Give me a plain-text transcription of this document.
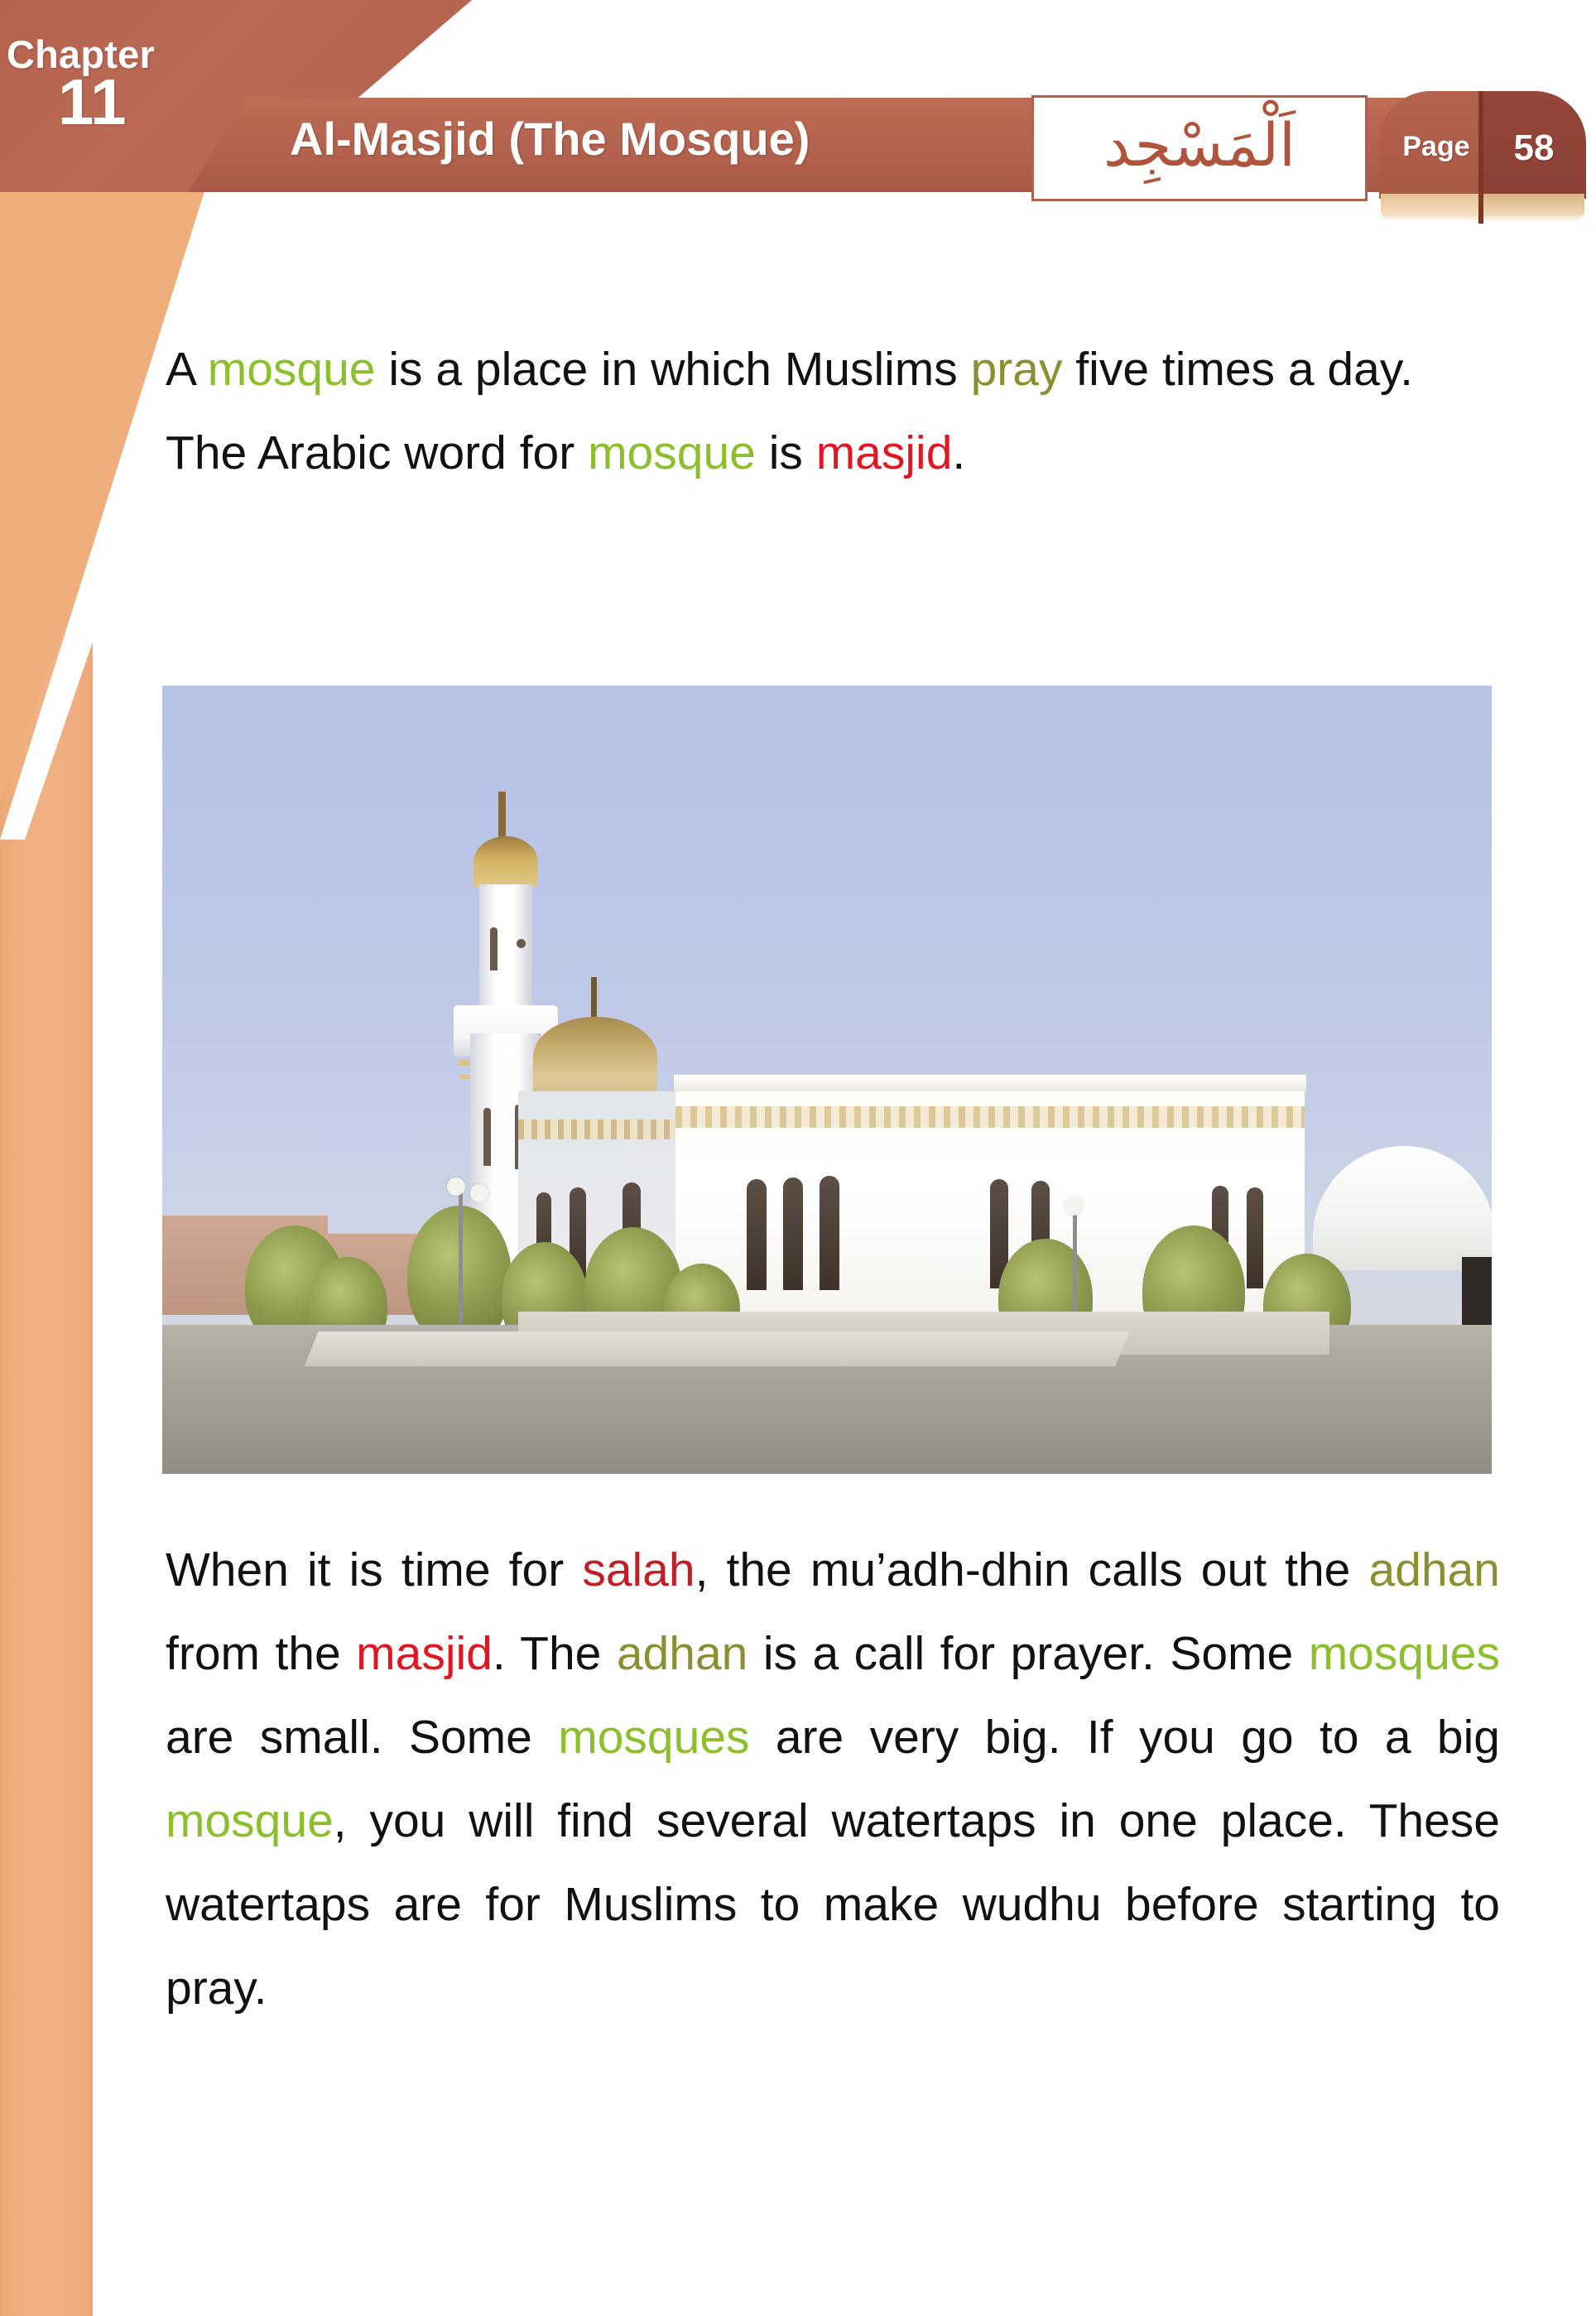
Chapter
11
Al-Masjid (The Mosque)	اَلْمَسْجِد	Page	58
A mosque is a place in which Muslims pray five times a day.
The Arabic word for mosque is masjid.
When it is time for salah, the mu’adh-dhin calls out the adhan from the masjid. The adhan is a call for prayer. Some mosques are small. Some mosques are very big. If you go to a big mosque, you will find several watertaps in one place. These watertaps are for Muslims to make wudhu before starting to pray.
